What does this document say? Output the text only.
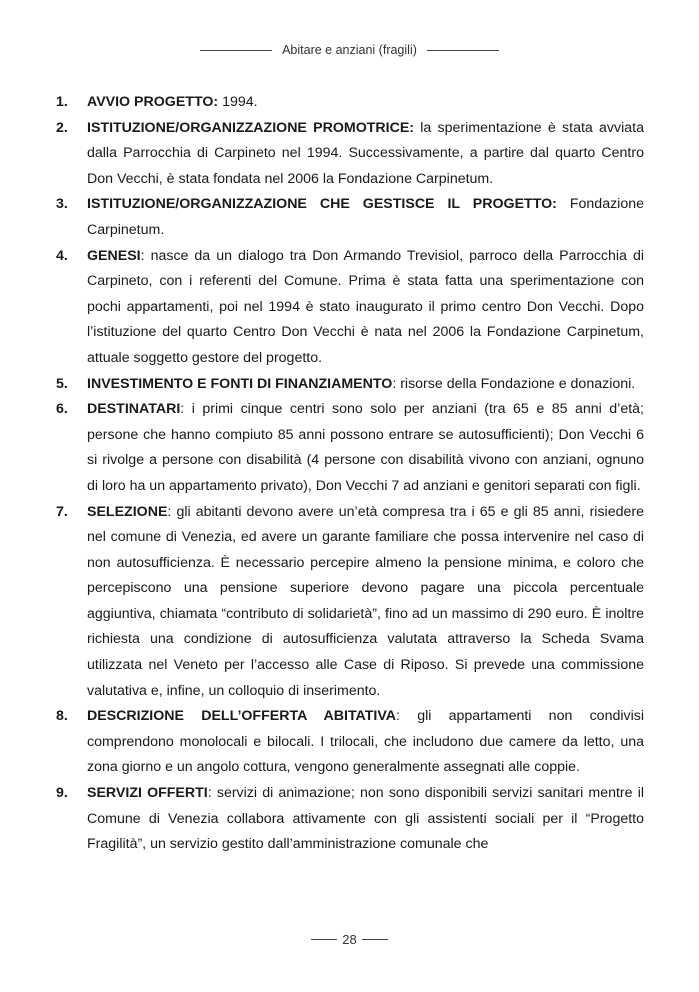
Abitare e anziani (fragili)
1.	AVVIO PROGETTO: 1994.
2.	ISTITUZIONE/ORGANIZZAZIONE PROMOTRICE: la sperimentazione è stata avviata dalla Parrocchia di Carpineto nel 1994. Successivamente, a partire dal quarto Centro Don Vecchi, è stata fondata nel 2006 la Fondazione Carpinetum.
3.	ISTITUZIONE/ORGANIZZAZIONE CHE GESTISCE IL PROGETTO: Fondazione Carpinetum.
4.	GENESI: nasce da un dialogo tra Don Armando Trevisiol, parroco della Parrocchia di Carpineto, con i referenti del Comune. Prima è stata fatta una sperimentazione con pochi appartamenti, poi nel 1994 è stato inaugurato il primo centro Don Vecchi. Dopo l’istituzione del quarto Centro Don Vecchi è nata nel 2006 la Fondazione Carpinetum, attuale soggetto gestore del progetto.
5.	INVESTIMENTO E FONTI DI FINANZIAMENTO: risorse della Fondazione e donazioni.
6.	DESTINATARI: i primi cinque centri sono solo per anziani (tra 65 e 85 anni d’età; persone che hanno compiuto 85 anni possono entrare se autosufficienti); Don Vecchi 6 si rivolge a persone con disabilità (4 persone con disabilità vivono con anziani, ognuno di loro ha un appartamento privato), Don Vecchi 7 ad anziani e genitori separati con figli.
7.	SELEZIONE: gli abitanti devono avere un’età compresa tra i 65 e gli 85 anni, risiedere nel comune di Venezia, ed avere un garante familiare che possa intervenire nel caso di non autosufficienza. È necessario percepire almeno la pensione minima, e coloro che percepiscono una pensione superiore devono pagare una piccola percentuale aggiuntiva, chiamata “contributo di solidarietà”, fino ad un massimo di 290 euro. È inoltre richiesta una condizione di autosufficienza valutata attraverso la Scheda Svama utilizzata nel Veneto per l’accesso alle Case di Riposo. Si prevede una commissione valutativa e, infine, un colloquio di inserimento.
8.	DESCRIZIONE DELL’OFFERTA ABITATIVA: gli appartamenti non condivisi comprendono monolocali e bilocali. I trilocali, che includono due camere da letto, una zona giorno e un angolo cottura, vengono generalmente assegnati alle coppie.
9.	SERVIZI OFFERTI: servizi di animazione; non sono disponibili servizi sanitari mentre il Comune di Venezia collabora attivamente con gli assistenti sociali per il “Progetto Fragilità”, un servizio gestito dall’amministrazione comunale che
28
